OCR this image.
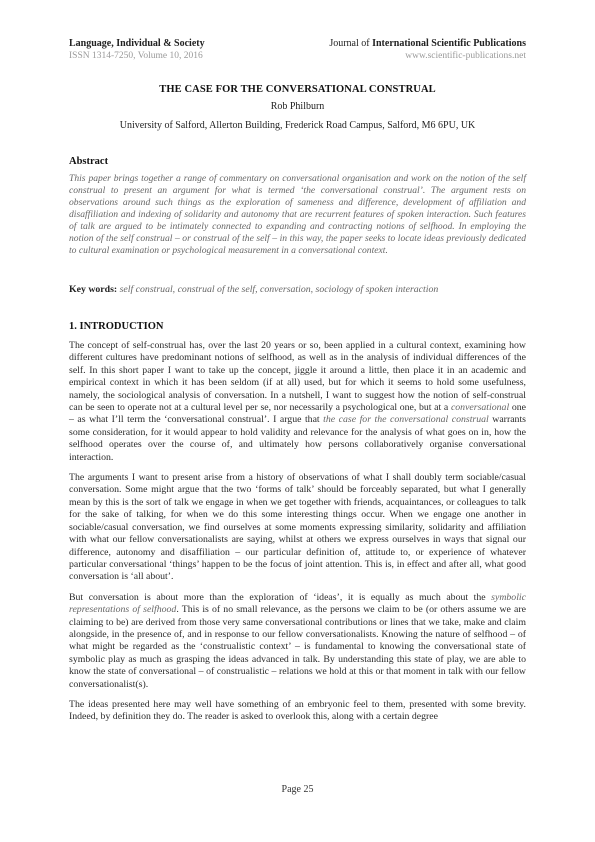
Language, Individual & Society
ISSN 1314-7250, Volume 10, 2016
Journal of International Scientific Publications
www.scientific-publications.net
THE CASE FOR THE CONVERSATIONAL CONSTRUAL
Rob Philburn
University of Salford, Allerton Building, Frederick Road Campus, Salford, M6 6PU, UK
Abstract
This paper brings together a range of commentary on conversational organisation and work on the notion of the self construal to present an argument for what is termed ‘the conversational construal’. The argument rests on observations around such things as the exploration of sameness and difference, development of affiliation and disaffiliation and indexing of solidarity and autonomy that are recurrent features of spoken interaction. Such features of talk are argued to be intimately connected to expanding and contracting notions of selfhood. In employing the notion of the self construal – or construal of the self – in this way, the paper seeks to locate ideas previously dedicated to cultural examination or psychological measurement in a conversational context.
Key words: self construal, construal of the self, conversation, sociology of spoken interaction
1. INTRODUCTION

The concept of self-construal has, over the last 20 years or so, been applied in a cultural context, examining how different cultures have predominant notions of selfhood, as well as in the analysis of individual differences of the self. In this short paper I want to take up the concept, jiggle it around a little, then place it in an academic and empirical context in which it has been seldom (if at all) used, but for which it seems to hold some usefulness, namely, the sociological analysis of conversation. In a nutshell, I want to suggest how the notion of self-construal can be seen to operate not at a cultural level per se, nor necessarily a psychological one, but at a conversational one – as what I’ll term the ‘conversational construal’. I argue that the case for the conversational construal warrants some consideration, for it would appear to hold validity and relevance for the analysis of what goes on in, how the selfhood operates over the course of, and ultimately how persons collaboratively organise conversational interaction.

The arguments I want to present arise from a history of observations of what I shall doubly term sociable/casual conversation. Some might argue that the two ‘forms of talk’ should be forceably separated, but what I generally mean by this is the sort of talk we engage in when we get together with friends, acquaintances, or colleagues to talk for the sake of talking, for when we do this some interesting things occur. When we engage one another in sociable/casual conversation, we find ourselves at some moments expressing similarity, solidarity and affiliation with what our fellow conversationalists are saying, whilst at others we express ourselves in ways that signal our difference, autonomy and disaffiliation – our particular definition of, attitude to, or experience of whatever particular conversational ‘things’ happen to be the focus of joint attention. This is, in effect and after all, what good conversation is ‘all about’.

But conversation is about more than the exploration of ‘ideas’, it is equally as much about the symbolic representations of selfhood. This is of no small relevance, as the persons we claim to be (or others assume we are claiming to be) are derived from those very same conversational contributions or lines that we take, make and claim alongside, in the presence of, and in response to our fellow conversationalists. Knowing the nature of selfhood – of what might be regarded as the ‘construalistic context’ – is fundamental to knowing the conversational state of symbolic play as much as grasping the ideas advanced in talk. By understanding this state of play, we are able to know the state of conversational – of construalistic – relations we hold at this or that moment in talk with our fellow conversationalist(s).

The ideas presented here may well have something of an embryonic feel to them, presented with some brevity. Indeed, by definition they do. The reader is asked to overlook this, along with a certain degree

Page 25
